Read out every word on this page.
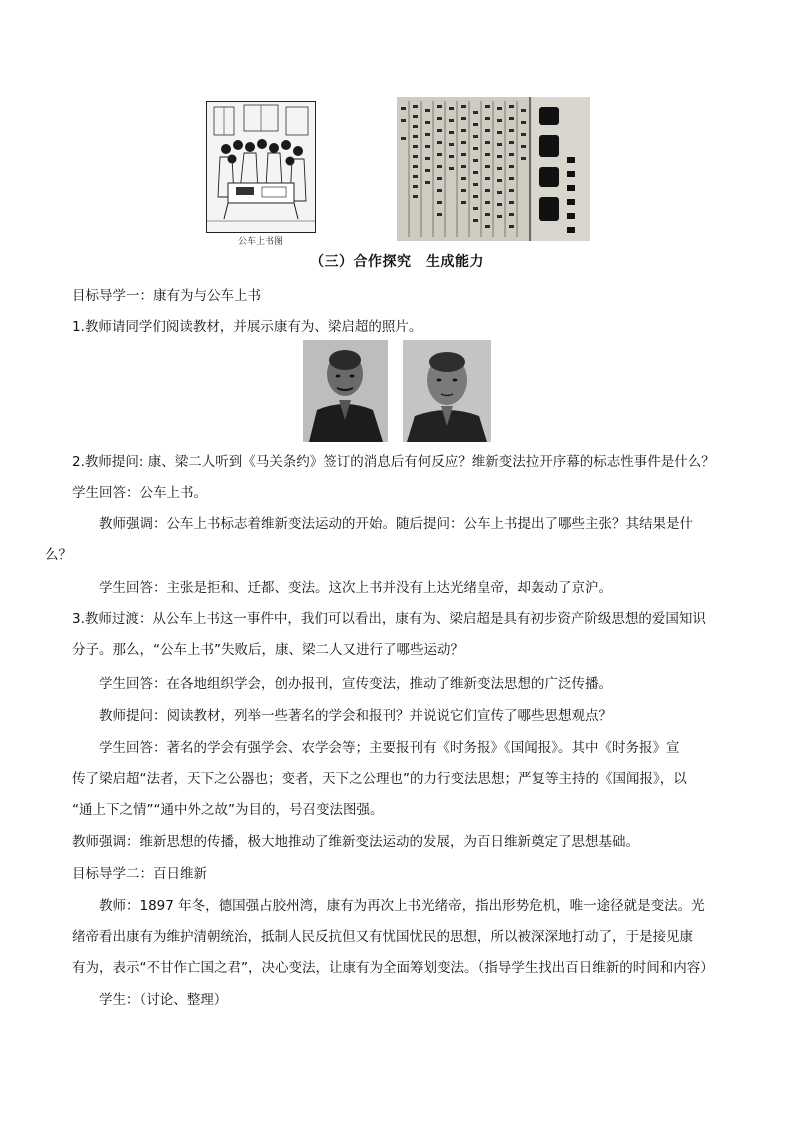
公车上书图
（三）合作探究　生成能力
目标导学一：康有为与公车上书
1.教师请同学们阅读教材，并展示康有为、梁启超的照片。
2.教师提问: 康、梁二人听到《马关条约》签订的消息后有何反应？维新变法拉开序幕的标志性事件是什么？
学生回答：公车上书。
教师强调：公车上书标志着维新变法运动的开始。随后提问：公车上书提出了哪些主张？其结果是什
么？
学生回答：主张是拒和、迁都、变法。这次上书并没有上达光绪皇帝，却轰动了京沪。
3.教师过渡：从公车上书这一事件中，我们可以看出，康有为、梁启超是具有初步资产阶级思想的爱国知识
分子。那么，“公车上书”失败后，康、梁二人又进行了哪些运动？
学生回答：在各地组织学会，创办报刊，宣传变法，推动了维新变法思想的广泛传播。
教师提问：阅读教材，列举一些著名的学会和报刊？并说说它们宣传了哪些思想观点？
学生回答：著名的学会有强学会、农学会等；主要报刊有《时务报》《国闻报》。其中《时务报》宣
传了梁启超“法者，天下之公器也；变者，天下之公理也”的力行变法思想；严复等主持的《国闻报》，以
“通上下之情”“通中外之故”为目的，号召变法图强。
教师强调：维新思想的传播，极大地推动了维新变法运动的发展，为百日维新奠定了思想基础。
目标导学二：百日维新
教师：1897 年冬，德国强占胶州湾，康有为再次上书光绪帝，指出形势危机，唯一途径就是变法。光
绪帝看出康有为维护清朝统治，抵制人民反抗但又有忧国忧民的思想，所以被深深地打动了，于是接见康
有为，表示“不甘作亡国之君”，决心变法，让康有为全面筹划变法。（指导学生找出百日维新的时间和内容）
学生：（讨论、整理）
